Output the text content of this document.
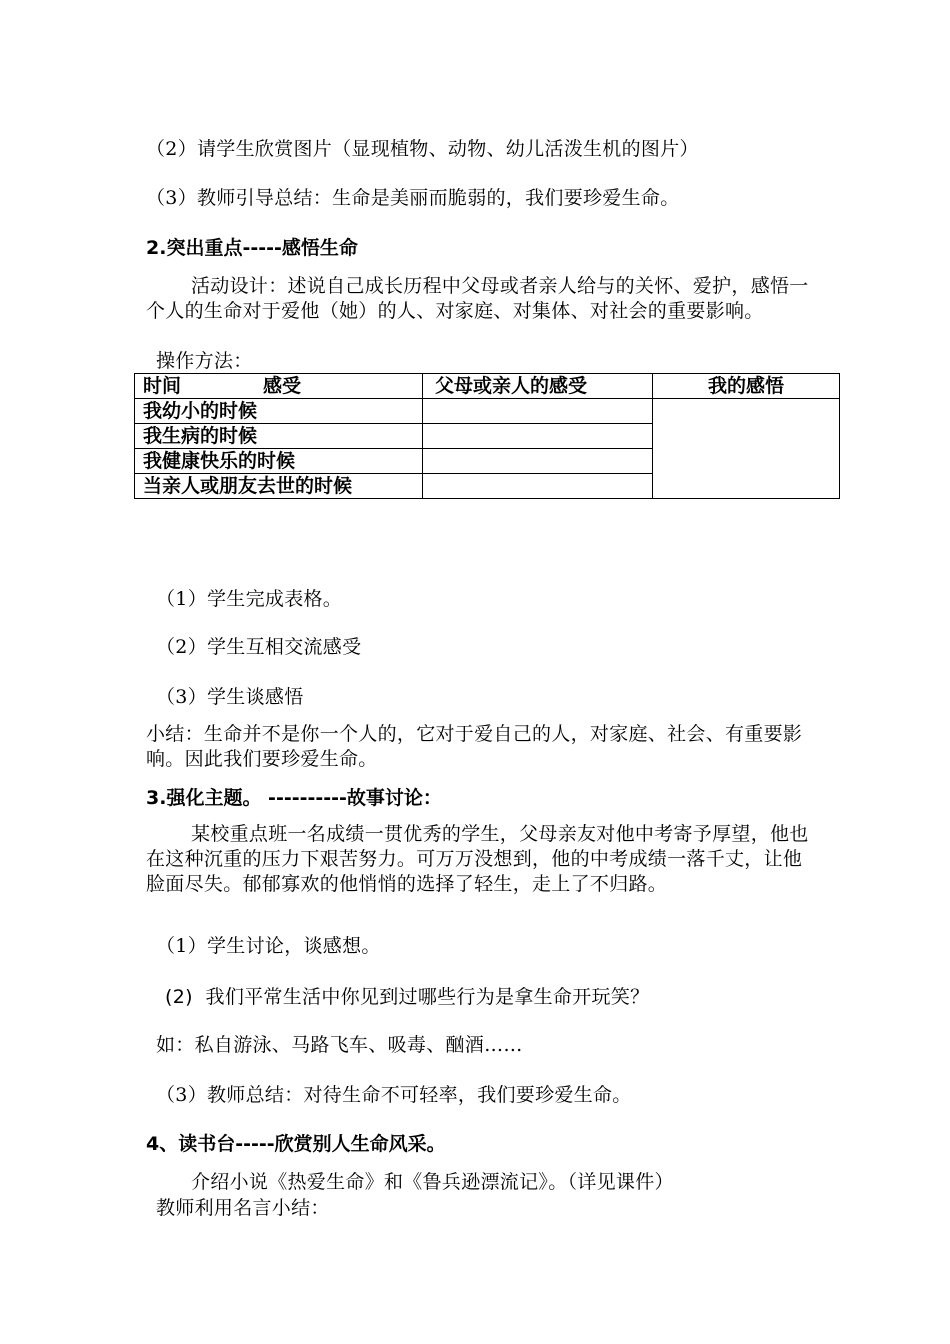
（2）请学生欣赏图片（显现植物、动物、幼儿活泼生机的图片）
（3）教师引导总结：生命是美丽而脆弱的，我们要珍爱生命。
2.突出重点-----感悟生命
活动设计：述说自己成长历程中父母或者亲人给与的关怀、爱护，感悟一个人的生命对于爱他（她）的人、对家庭、对集体、对社会的重要影响。
操作方法：
时间 感受	父母或亲人的感受	我的感悟
我幼小的时候		
我生病的时候		
我健康快乐的时候		
当亲人或朋友去世的时候		
（1）学生完成表格。
（2）学生互相交流感受
（3）学生谈感悟
小结：生命并不是你一个人的，它对于爱自己的人，对家庭、社会、有重要影响。因此我们要珍爱生命。
3.强化主题。 ----------故事讨论：
某校重点班一名成绩一贯优秀的学生，父母亲友对他中考寄予厚望，他也在这种沉重的压力下艰苦努力。可万万没想到，他的中考成绩一落千丈，让他脸面尽失。郁郁寡欢的他悄悄的选择了轻生，走上了不归路。
（1）学生讨论，谈感想。
(2) 我们平常生活中你见到过哪些行为是拿生命开玩笑？
如：私自游泳、马路飞车、吸毒、酗酒……
（3）教师总结：对待生命不可轻率，我们要珍爱生命。
4、读书台-----欣赏别人生命风采。
介绍小说《热爱生命》和《鲁兵逊漂流记》。（详见课件）
教师利用名言小结：
